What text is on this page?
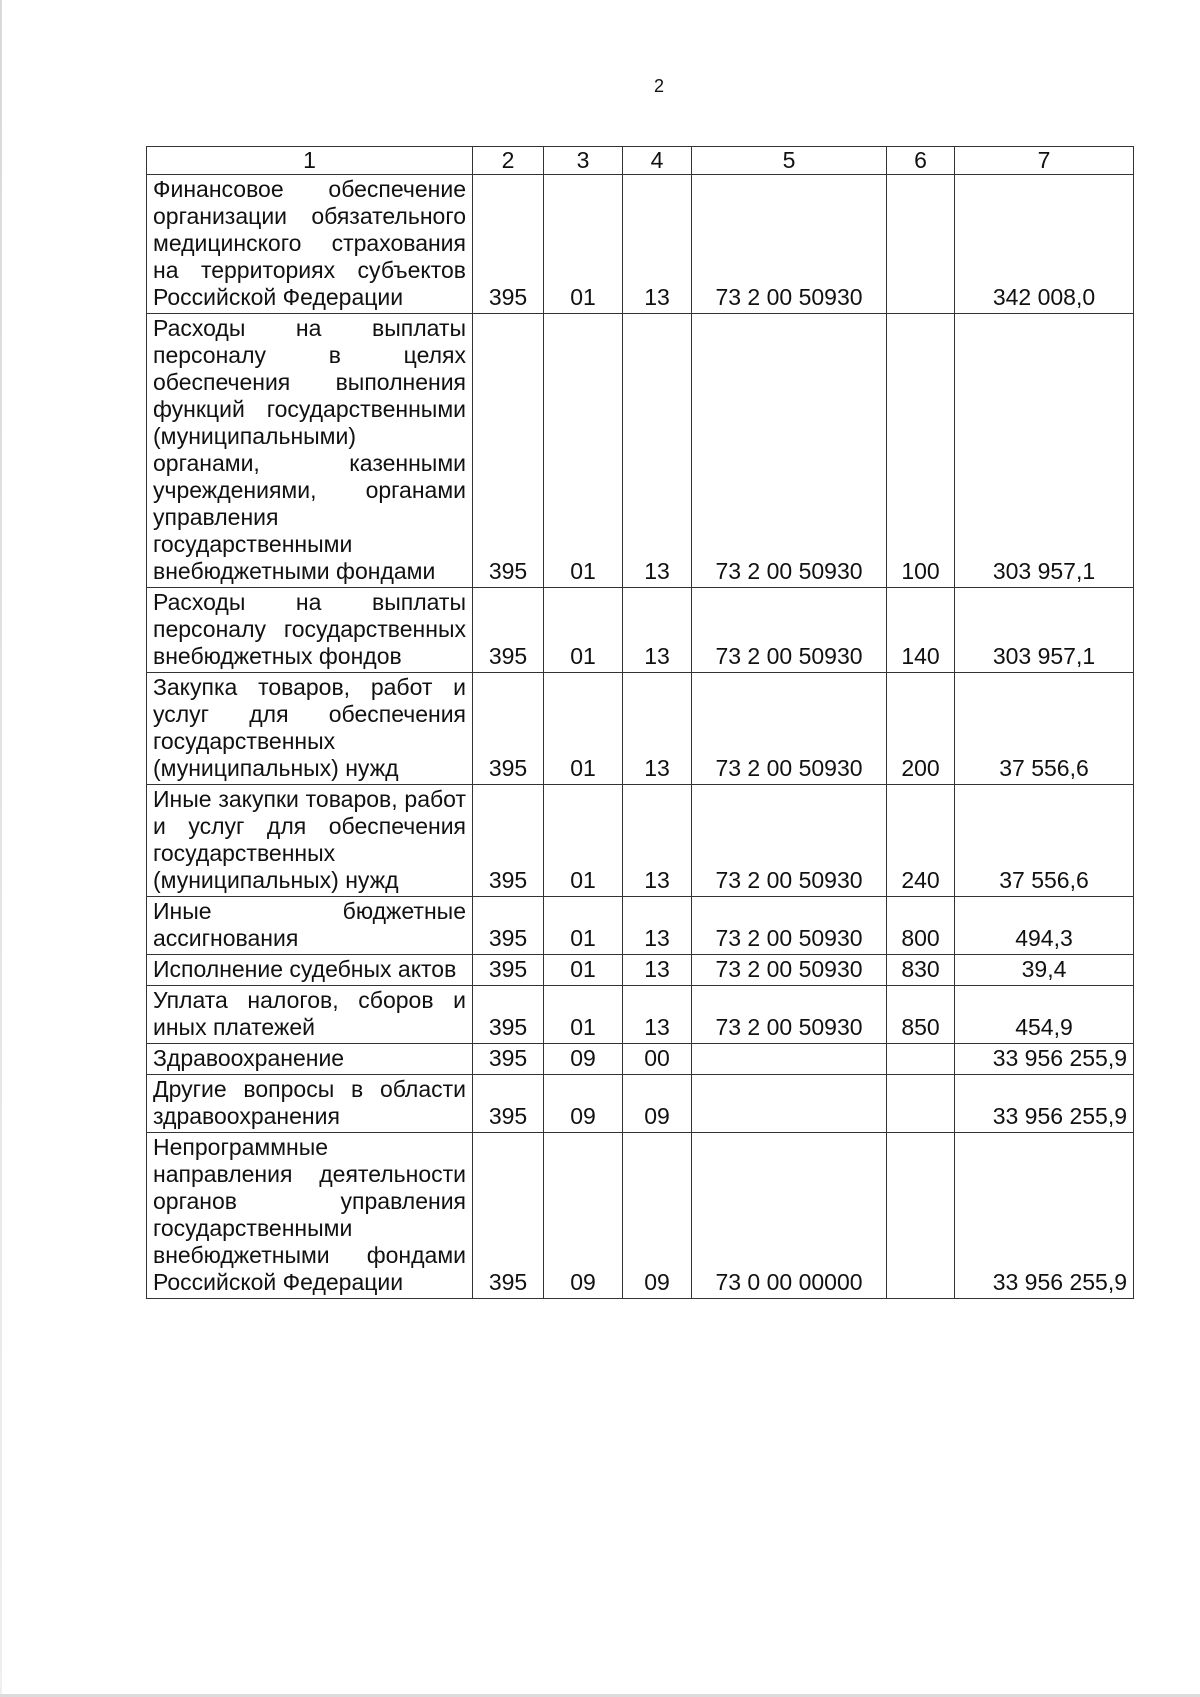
2
1	2	3	4	5	6	7
Финансовое обеспечение организации обязательного медицинского страхования на территориях субъектов Российской Федерации	395	01	13	73 2 00 50930		342 008,0
Расходы на выплаты персоналу в целях обеспечения выполнения функций государственными (муниципальными) органами, казенными учреждениями, органами управления государственными внебюджетными фондами	395	01	13	73 2 00 50930	100	303 957,1
Расходы на выплаты персоналу государственных внебюджетных фондов	395	01	13	73 2 00 50930	140	303 957,1
Закупка товаров, работ и услуг для обеспечения государственных (муниципальных) нужд	395	01	13	73 2 00 50930	200	37 556,6
Иные закупки товаров, работ и услуг для обеспечения государственных (муниципальных) нужд	395	01	13	73 2 00 50930	240	37 556,6
Иные бюджетные ассигнования	395	01	13	73 2 00 50930	800	494,3
Исполнение судебных актов	395	01	13	73 2 00 50930	830	39,4
Уплата налогов, сборов и иных платежей	395	01	13	73 2 00 50930	850	454,9
Здравоохранение	395	09	00			33 956 255,9
Другие вопросы в области здравоохранения	395	09	09			33 956 255,9
Непрограммные направления деятельности органов управления государственными внебюджетными фондами Российской Федерации	395	09	09	73 0 00 00000		33 956 255,9
